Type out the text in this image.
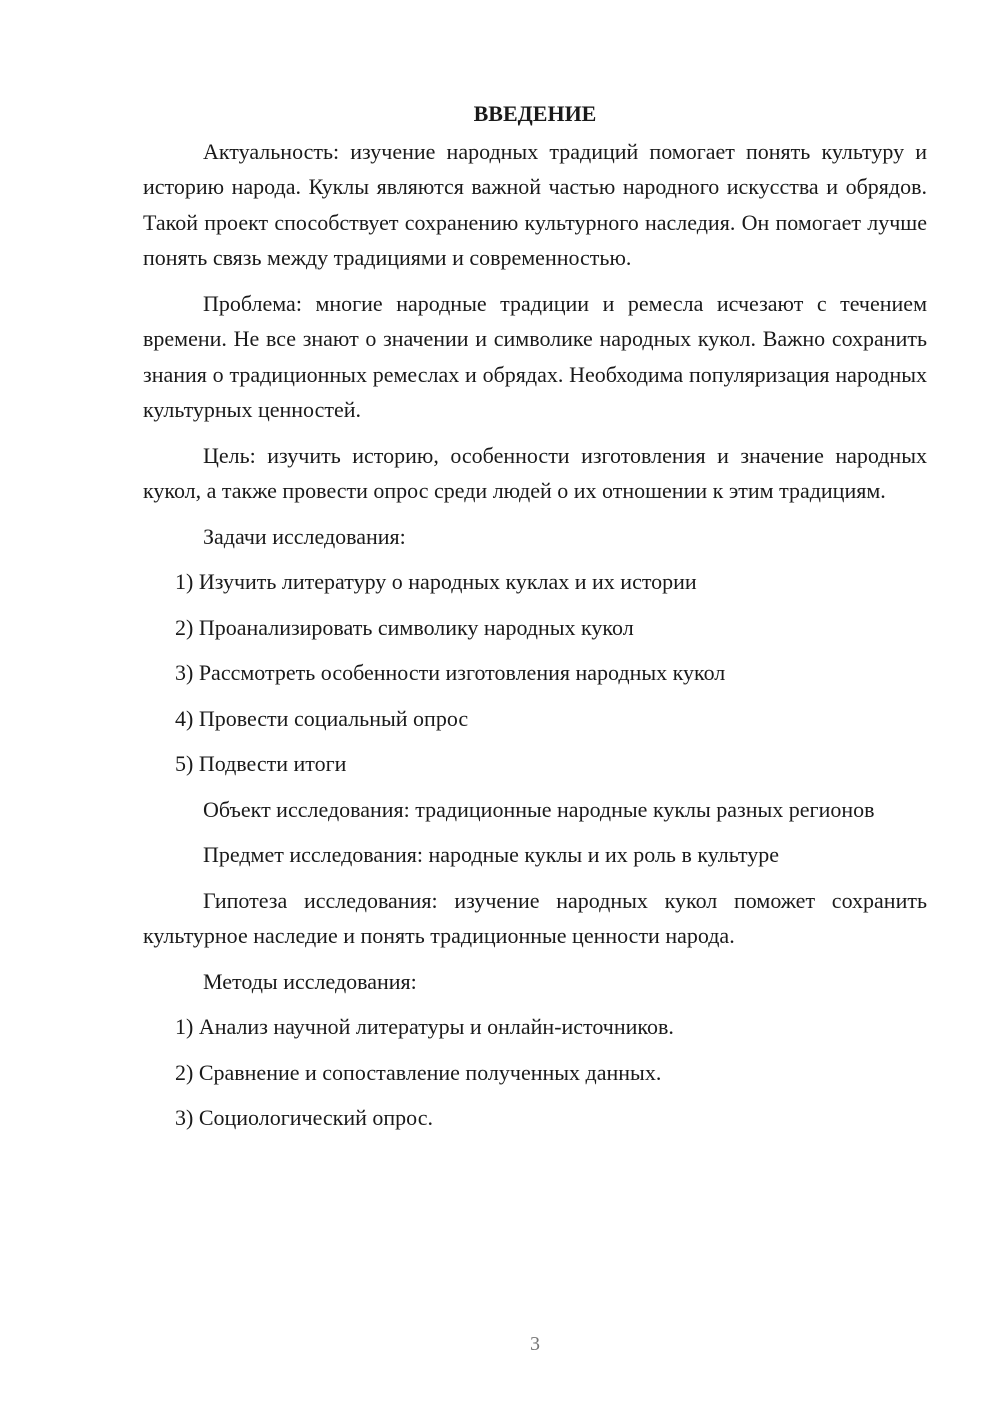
ВВЕДЕНИЕ

Актуальность: изучение народных традиций помогает понять культуру и историю народа. Куклы являются важной частью народного искусства и обрядов. Такой проект способствует сохранению культурного наследия. Он помогает лучше понять связь между традициями и современностью.

Проблема: многие народные традиции и ремесла исчезают с течением времени. Не все знают о значении и символике народных кукол. Важно сохранить знания о традиционных ремеслах и обрядах. Необходима популяризация народных культурных ценностей.

Цель: изучить историю, особенности изготовления и значение народных кукол, а также провести опрос среди людей о их отношении к этим традициям.

Задачи исследования:
1) Изучить литературу о народных куклах и их истории
2) Проанализировать символику народных кукол
3) Рассмотреть особенности изготовления народных кукол
4) Провести социальный опрос
5) Подвести итоги

Объект исследования: традиционные народные куклы разных регионов

Предмет исследования: народные куклы и их роль в культуре

Гипотеза исследования: изучение народных кукол поможет сохранить культурное наследие и понять традиционные ценности народа.

Методы исследования:
1) Анализ научной литературы и онлайн-источников.
2) Сравнение и сопоставление полученных данных.
3) Социологический опрос.
3
